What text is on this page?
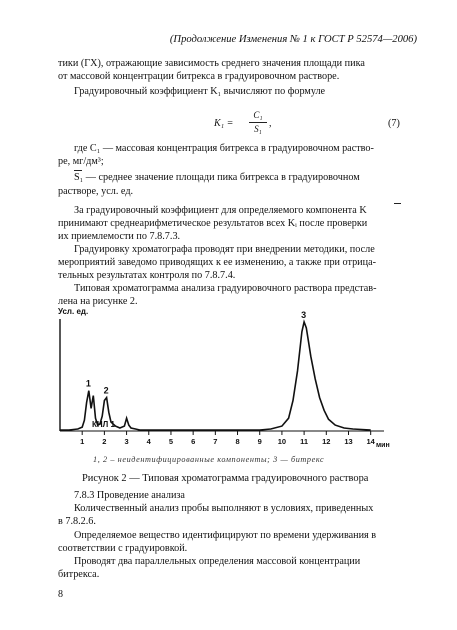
(Продолжение Изменения № 1 к ГОСТ Р 52574—2006)
тики (ГХ), отражающие зависимость среднего значения площади пика
от массовой концентрации битрекса в градуировочном растворе.
Градуировочный коэффициент K₁ вычисляют по формуле
K₁ =
C₁
S₁ ,	(7)
где C₁ — массовая концентрация битрекса в градуировочном раство-
ре, мг/дм³;
S₁ — среднее значение площади пика битрекса в градуировочном
растворе, усл. ед.
За градуировочный коэффициент для определяемого компонента K
принимают среднеарифметическое результатов всех Kᵢ после проверки
их приемлемости по 7.8.7.3.
Градуировку хроматографа проводят при внедрении методики, после
мероприятий заведомо приводящих к ее изменению, а также при отрица-
тельных результатах контроля по 7.8.7.4.
Типовая хроматограмма анализа градуировочного раствора представ-
лена на рисунке 2.
Усл. ед.
КНЛ 1
мин
1 2 3 4 5 6 7 8 9 10 11 12 13 14
1
2
3
1, 2 – неидентифицированные компоненты; 3 — битрекс
Рисунок 2 — Типовая хроматограмма градуировочного раствора
7.8.3 Проведение анализа
Количественный анализ пробы выполняют в условиях, приведенных
в 7.8.2.6.
Определяемое вещество идентифицируют по времени удерживания в
соответствии с градуировкой.
Проводят два параллельных определения массовой концентрации
битрекса.
8
